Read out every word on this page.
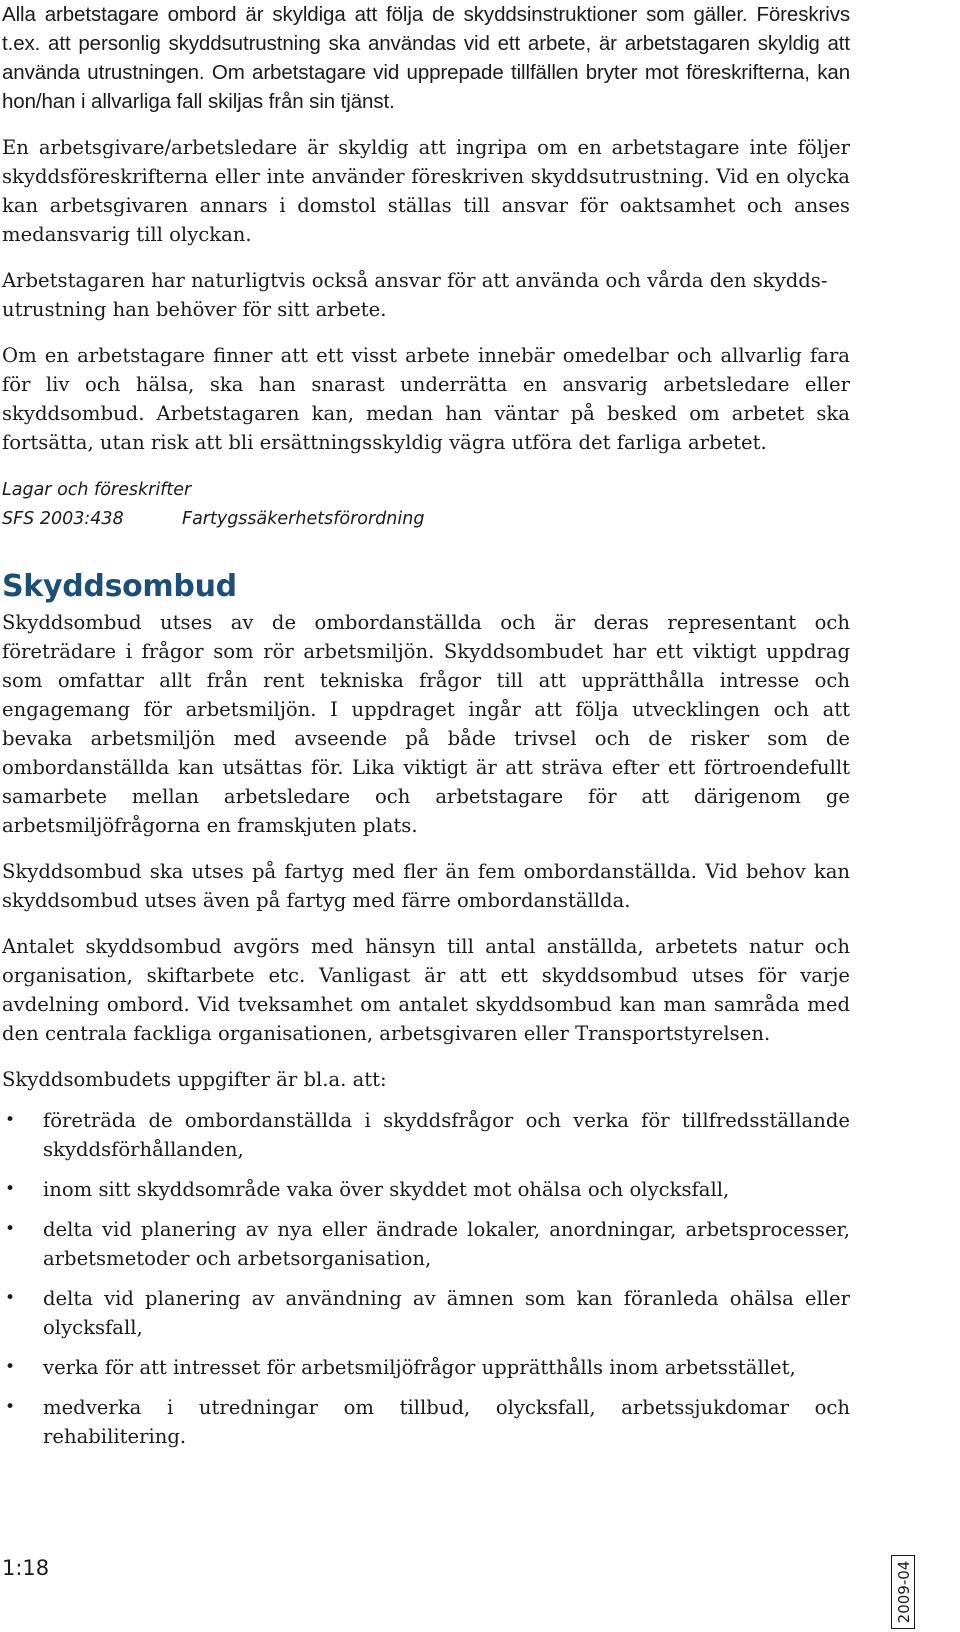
Alla arbetstagare ombord är skyldiga att följa de skyddsinstruktioner som gäller. Föreskrivs t.ex. att personlig skyddsutrustning ska användas vid ett arbete, är arbetstagaren skyldig att använda utrustningen. Om arbetstagare vid upprepade tillfällen bryter mot föreskrifterna, kan hon/han i allvarliga fall skiljas från sin tjänst.

En arbetsgivare/arbetsledare är skyldig att ingripa om en arbetstagare inte följer skyddsföreskrifterna eller inte använder föreskriven skyddsutrustning. Vid en olycka kan arbetsgivaren annars i domstol ställas till ansvar för oaktsamhet och anses medansvarig till olyckan.

Arbetstagaren har naturligtvis också ansvar för att använda och vårda den skydds-utrustning han behöver för sitt arbete.

Om en arbetstagare finner att ett visst arbete innebär omedelbar och allvarlig fara för liv och hälsa, ska han snarast underrätta en ansvarig arbetsledare eller skyddsombud. Arbetstagaren kan, medan han väntar på besked om arbetet ska fortsätta, utan risk att bli ersättningsskyldig vägra utföra det farliga arbetet.

Lagar och föreskrifter
SFS 2003:438	Fartygssäkerhetsförordning
Skyddsombud

Skyddsombud utses av de ombordanställda och är deras representant och företrädare i frågor som rör arbetsmiljön. Skyddsombudet har ett viktigt uppdrag som omfattar allt från rent tekniska frågor till att upprätthålla intresse och engagemang för arbetsmiljön. I uppdraget ingår att följa utvecklingen och att bevaka arbetsmiljön med avseende på både trivsel och de risker som de ombordanställda kan utsättas för. Lika viktigt är att sträva efter ett förtroendefullt samarbete mellan arbetsledare och arbetstagare för att därigenom ge arbetsmiljöfrågorna en framskjuten plats.

Skyddsombud ska utses på fartyg med fler än fem ombordanställda. Vid behov kan skyddsombud utses även på fartyg med färre ombordanställda.

Antalet skyddsombud avgörs med hänsyn till antal anställda, arbetets natur och organisation, skiftarbete etc. Vanligast är att ett skyddsombud utses för varje avdelning ombord. Vid tveksamhet om antalet skyddsombud kan man samråda med den centrala fackliga organisationen, arbetsgivaren eller Transportstyrelsen.

Skyddsombudets uppgifter är bl.a. att:

• företräda de ombordanställda i skyddsfrågor och verka för tillfredsställande skyddsförhållanden,
• inom sitt skyddsområde vaka över skyddet mot ohälsa och olycksfall,
• delta vid planering av nya eller ändrade lokaler, anordningar, arbetsprocesser, arbetsmetoder och arbetsorganisation,
• delta vid planering av användning av ämnen som kan föranleda ohälsa eller olycksfall,
• verka för att intresset för arbetsmiljöfrågor upprätthålls inom arbetsstället,
• medverka i utredningar om tillbud, olycksfall, arbetssjukdomar och rehabilitering.
1:18	2009-04
